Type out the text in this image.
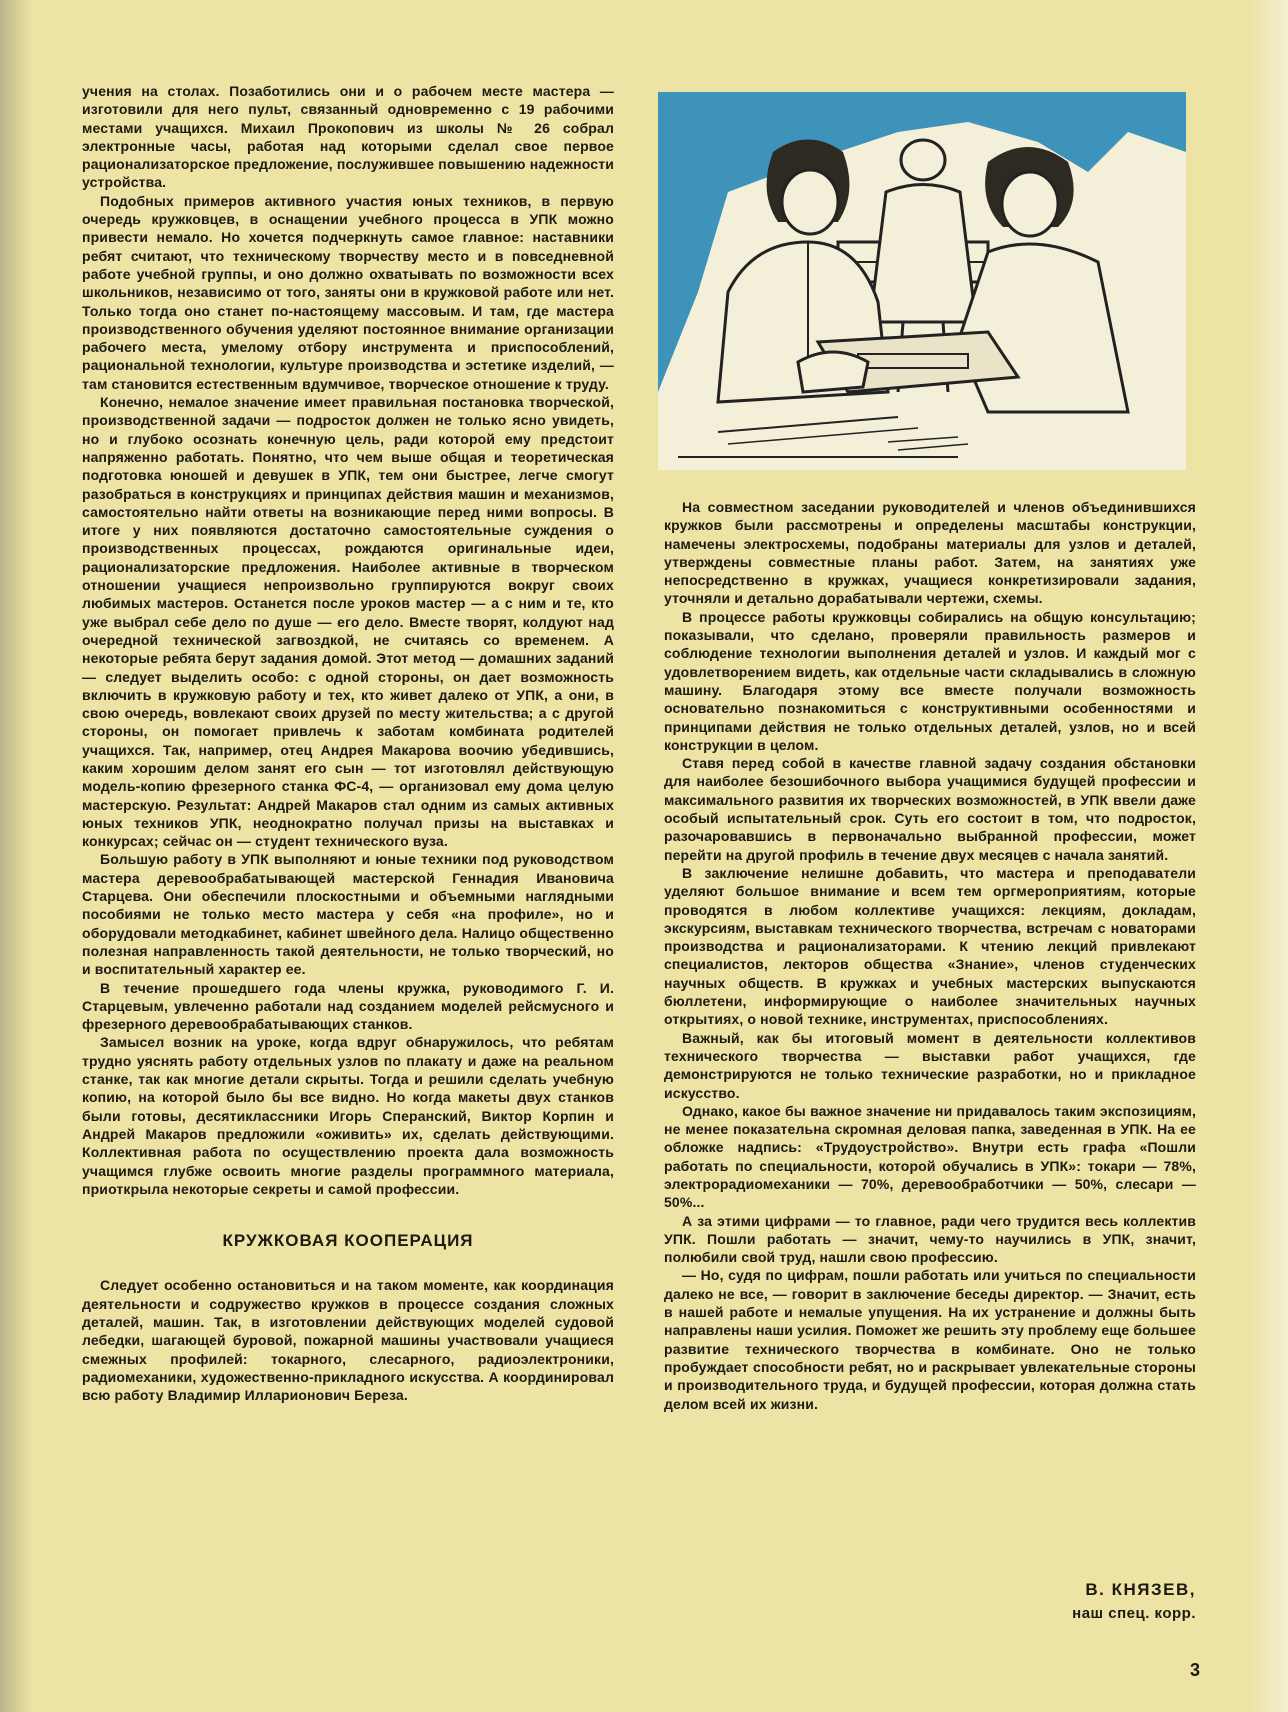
учения на столах. Позаботились они и о рабочем месте мастера — изготовили для него пульт, связанный одновременно с 19 рабочими местами учащихся. Михаил Прокопович из школы № 26 собрал электронные часы, работая над которыми сделал свое первое рационализаторское предложение, послужившее повышению надежности устройства.

Подобных примеров активного участия юных техников, в первую очередь кружковцев, в оснащении учебного процесса в УПК можно привести немало. Но хочется подчеркнуть самое главное: наставники ребят считают, что техническому творчеству место и в повседневной работе учебной группы, и оно должно охватывать по возможности всех школьников, независимо от того, заняты они в кружковой работе или нет. Только тогда оно станет по-настоящему массовым. И там, где мастера производственного обучения уделяют постоянное внимание организации рабочего места, умелому отбору инструмента и приспособлений, рациональной технологии, культуре производства и эстетике изделий, — там становится естественным вдумчивое, творческое отношение к труду.

Конечно, немалое значение имеет правильная постановка творческой, производственной задачи — подросток должен не только ясно увидеть, но и глубоко осознать конечную цель, ради которой ему предстоит напряженно работать. Понятно, что чем выше общая и теоретическая подготовка юношей и девушек в УПК, тем они быстрее, легче смогут разобраться в конструкциях и принципах действия машин и механизмов, самостоятельно найти ответы на возникающие перед ними вопросы. В итоге у них появляются достаточно самостоятельные суждения о производственных процессах, рождаются оригинальные идеи, рационализаторские предложения. Наиболее активные в творческом отношении учащиеся непроизвольно группируются вокруг своих любимых мастеров. Останется после уроков мастер — а с ним и те, кто уже выбрал себе дело по душе — его дело. Вместе творят, колдуют над очередной технической загвоздкой, не считаясь со временем. А некоторые ребята берут задания домой. Этот метод — домашних заданий — следует выделить особо: с одной стороны, он дает возможность включить в кружковую работу и тех, кто живет далеко от УПК, а они, в свою очередь, вовлекают своих друзей по месту жительства; а с другой стороны, он помогает привлечь к заботам комбината родителей учащихся. Так, например, отец Андрея Макарова воочию убедившись, каким хорошим делом занят его сын — тот изготовлял действующую модель-копию фрезерного станка ФС-4, — организовал ему дома целую мастерскую. Результат: Андрей Макаров стал одним из самых активных юных техников УПК, неоднократно получал призы на выставках и конкурсах; сейчас он — студент технического вуза.

Большую работу в УПК выполняют и юные техники под руководством мастера деревообрабатывающей мастерской Геннадия Ивановича Старцева. Они обеспечили плоскостными и объемными наглядными пособиями не только место мастера у себя «на профиле», но и оборудовали методкабинет, кабинет швейного дела. Налицо общественно полезная направленность такой деятельности, не только творческий, но и воспитательный характер ее.

В течение прошедшего года члены кружка, руководимого Г. И. Старцевым, увлеченно работали над созданием моделей рейсмусного и фрезерного деревообрабатывающих станков.

Замысел возник на уроке, когда вдруг обнаружилось, что ребятам трудно уяснять работу отдельных узлов по плакату и даже на реальном станке, так как многие детали скрыты. Тогда и решили сделать учебную копию, на которой было бы все видно. Но когда макеты двух станков были готовы, десятиклассники Игорь Сперанский, Виктор Корпин и Андрей Макаров предложили «оживить» их, сделать действующими. Коллективная работа по осуществлению проекта дала возможность учащимся глубже освоить многие разделы программного материала, приоткрыла некоторые секреты и самой профессии.

КРУЖКОВАЯ КООПЕРАЦИЯ

Следует особенно остановиться и на таком моменте, как координация деятельности и содружество кружков в процессе создания сложных деталей, машин. Так, в изготовлении действующих моделей судовой лебедки, шагающей буровой, пожарной машины участвовали учащиеся смежных профилей: токарного, слесарного, радиоэлектроники, радиомеханики, художественно-прикладного искусства. А координировал всю работу Владимир Илларионович Береза.

На совместном заседании руководителей и членов объединившихся кружков были рассмотрены и определены масштабы конструкции, намечены электросхемы, подобраны материалы для узлов и деталей, утверждены совместные планы работ. Затем, на занятиях уже непосредственно в кружках, учащиеся конкретизировали задания, уточняли и детально дорабатывали чертежи, схемы.

В процессе работы кружковцы собирались на общую консультацию; показывали, что сделано, проверяли правильность размеров и соблюдение технологии выполнения деталей и узлов. И каждый мог с удовлетворением видеть, как отдельные части складывались в сложную машину. Благодаря этому все вместе получали возможность основательно познакомиться с конструктивными особенностями и принципами действия не только отдельных деталей, узлов, но и всей конструкции в целом.

Ставя перед собой в качестве главной задачу создания обстановки для наиболее безошибочного выбора учащимися будущей профессии и максимального развития их творческих возможностей, в УПК ввели даже особый испытательный срок. Суть его состоит в том, что подросток, разочаровавшись в первоначально выбранной профессии, может перейти на другой профиль в течение двух месяцев с начала занятий.

В заключение нелишне добавить, что мастера и преподаватели уделяют большое внимание и всем тем оргмероприятиям, которые проводятся в любом коллективе учащихся: лекциям, докладам, экскурсиям, выставкам технического творчества, встречам с новаторами производства и рационализаторами. К чтению лекций привлекают специалистов, лекторов общества «Знание», членов студенческих научных обществ. В кружках и учебных мастерских выпускаются бюллетени, информирующие о наиболее значительных научных открытиях, о новой технике, инструментах, приспособлениях.

Важный, как бы итоговый момент в деятельности коллективов технического творчества — выставки работ учащихся, где демонстрируются не только технические разработки, но и прикладное искусство.

Однако, какое бы важное значение ни придавалось таким экспозициям, не менее показательна скромная деловая папка, заведенная в УПК. На ее обложке надпись: «Трудоустройство». Внутри есть графа «Пошли работать по специальности, которой обучались в УПК»: токари — 78%, электрорадиомеханики — 70%, деревообработчики — 50%, слесари — 50%...

А за этими цифрами — то главное, ради чего трудится весь коллектив УПК. Пошли работать — значит, чему-то научились в УПК, значит, полюбили свой труд, нашли свою профессию.

— Но, судя по цифрам, пошли работать или учиться по специальности далеко не все, — говорит в заключение беседы директор. — Значит, есть в нашей работе и немалые упущения. На их устранение и должны быть направлены наши усилия. Поможет же решить эту проблему еще большее развитие технического творчества в комбинате. Оно не только пробуждает способности ребят, но и раскрывает увлекательные стороны и производительного труда, и будущей профессии, которая должна стать делом всей их жизни.

В. КНЯЗЕВ,
наш спец. корр.
3
